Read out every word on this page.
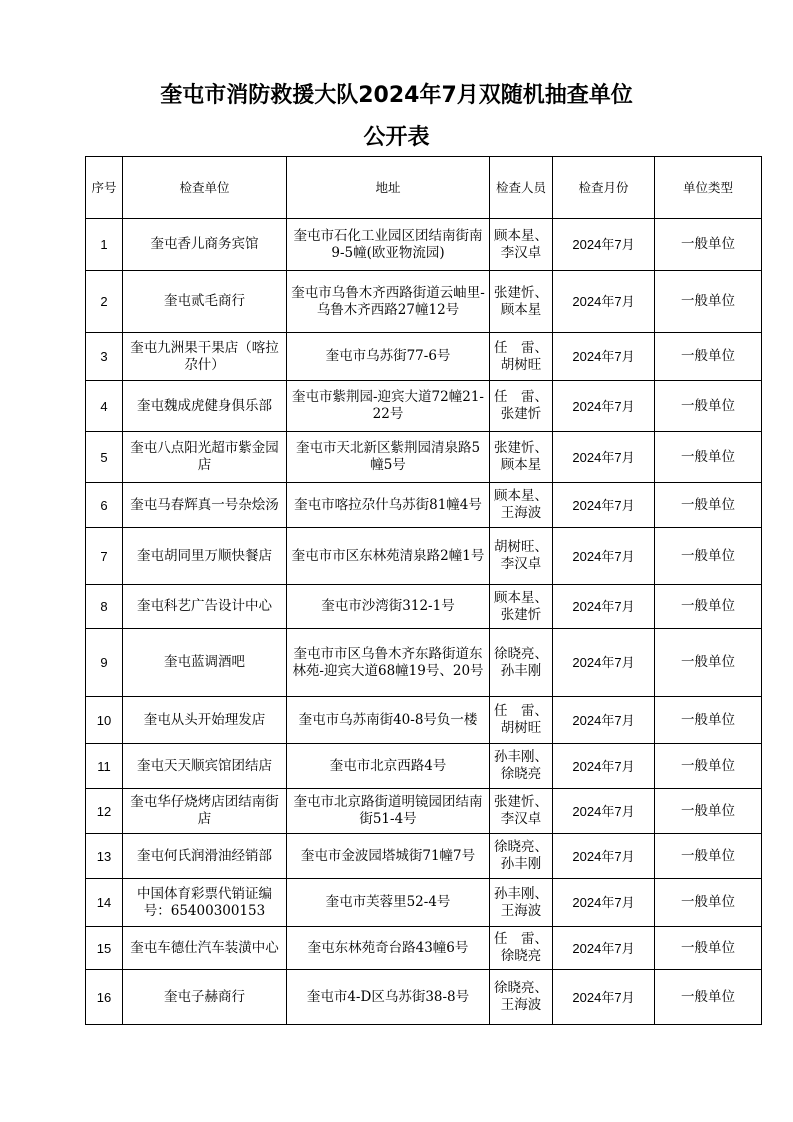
奎屯市消防救援大队2024年7月双随机抽查单位
公开表
序号	检查单位	地址	检查人员	检查月份	单位类型
1	奎屯香儿商务宾馆	奎屯市石化工业园区团结南街南9-5幢(欧亚物流园)	顾本星、李汉卓	2024年7月	一般单位
2	奎屯贰毛商行	奎屯市乌鲁木齐西路街道云岫里-乌鲁木齐西路27幢12号	张建忻、顾本星	2024年7月	一般单位
3	奎屯九洲果干果店（喀拉尕什）	奎屯市乌苏街77-6号	任　雷、胡树旺	2024年7月	一般单位
4	奎屯魏成虎健身俱乐部	奎屯市紫荆园-迎宾大道72幢21-22号	任　雷、张建忻	2024年7月	一般单位
5	奎屯八点阳光超市紫金园店	奎屯市天北新区紫荆园清泉路5幢5号	张建忻、顾本星	2024年7月	一般单位
6	奎屯马春辉真一号杂烩汤	奎屯市喀拉尕什乌苏街81幢4号	顾本星、王海波	2024年7月	一般单位
7	奎屯胡同里万顺快餐店	奎屯市市区东林苑清泉路2幢1号	胡树旺、李汉卓	2024年7月	一般单位
8	奎屯科艺广告设计中心	奎屯市沙湾街312-1号	顾本星、张建忻	2024年7月	一般单位
9	奎屯蓝调酒吧	奎屯市市区乌鲁木齐东路街道东林苑-迎宾大道68幢19号、20号	徐晓亮、孙丰刚	2024年7月	一般单位
10	奎屯从头开始理发店	奎屯市乌苏南街40-8号负一楼	任　雷、胡树旺	2024年7月	一般单位
11	奎屯天天顺宾馆团结店	奎屯市北京西路4号	孙丰刚、徐晓亮	2024年7月	一般单位
12	奎屯华仔烧烤店团结南街店	奎屯市北京路街道明镜园团结南街51-4号	张建忻、李汉卓	2024年7月	一般单位
13	奎屯何氏润滑油经销部	奎屯市金波园塔城街71幢7号	徐晓亮、孙丰刚	2024年7月	一般单位
14	中国体育彩票代销证编号：65400300153	奎屯市芙蓉里52-4号	孙丰刚、王海波	2024年7月	一般单位
15	奎屯车德仕汽车装潢中心	奎屯东林苑奇台路43幢6号	任　雷、徐晓亮	2024年7月	一般单位
16	奎屯子赫商行	奎屯市4-D区乌苏街38-8号	徐晓亮、王海波	2024年7月	一般单位
